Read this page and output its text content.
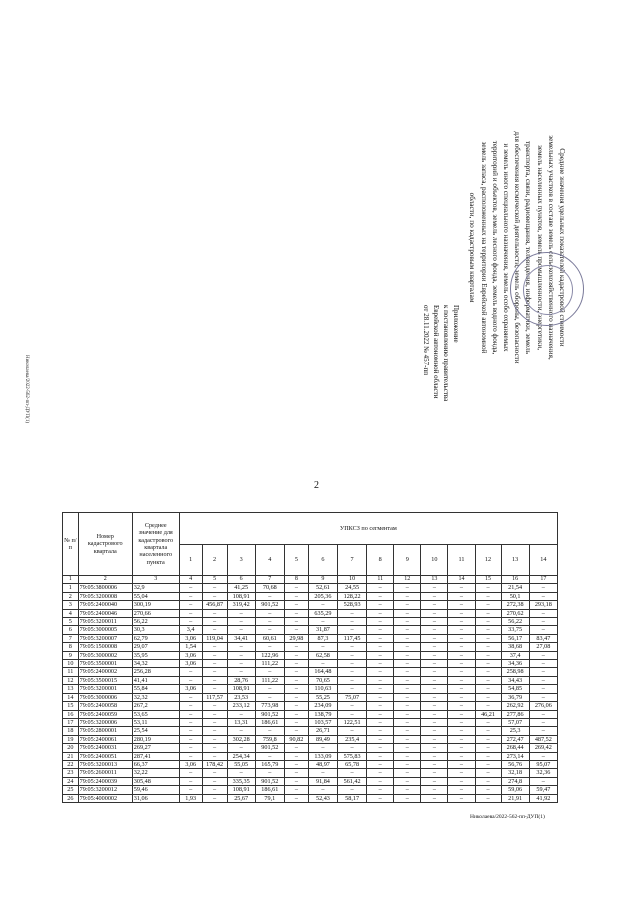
Николаева/2022-562-пп-ДУП(1)
Средние значения удельных показателей кадастровой стоимости
земельных участков в составе земель сельскохозяйственного назначения,
земель населенных пунктов, земель промышленности, энергетики,
транспорта, связи, радиовещания, телевидения, информатики, земель
для обеспечения космической деятельности, земель обороны, безопасности
и земель иного специального назначения, земель особо охраняемых
территорий и объектов, земель лесного фонда, земель водного фонда,
земель запаса, расположенных на территории Еврейской автономной
области, по кадастровым кварталам
Приложение
к постановлению правительства
Еврейской автономной области
от 28.11.2022 № 457-пп
2
№ п/п	Номер кадастрового квартала	Среднее значение для кадастрового квартала населенного пункта	УПКСЗ по сегментам													
			1	2	3	4	5	6	7	8	9	10	11	12	13	14
1	2	3	4	5	6	7	8	9	10	11	12	13	14	15	16	17
1	79:05:3800006	32,9	–	–	41,25	70,68	–	52,61	24,55	–	–	–	–	–	21,54	–
2	79:05:3200008	55,04	–	–	108,91	–	–	205,36	128,22	–	–	–	–	–	50,1	–
3	79:05:2400040	300,19	–	456,87	319,42	901,52	–	–	528,93	–	–	–	–	–	272,38	293,18
4	79:05:2400046	270,66	–	–	–	–	–	635,29	–	–	–	–	–	–	270,62	–
5	79:05:3200011	56,22	–	–	–	–	–	–	–	–	–	–	–	–	56,22	–
6	79:05:3000005	30,3	3,4	–	–	–	–	31,87	–	–	–	–	–	–	33,75	–
7	79:05:3200007	62,79	3,06	119,04	34,41	60,61	29,98	87,3	117,45	–	–	–	–	–	56,17	83,47
8	79:05:1500008	29,07	1,54	–	–	–	–	–	–	–	–	–	–	–	38,68	27,08
9	79:05:3000002	35,95	3,06	–	–	122,96	–	62,58	–	–	–	–	–	–	37,4	–
10	79:05:3500001	34,32	3,06	–	–	111,22	–	–	–	–	–	–	–	–	34,36	–
11	79:05:2400002	256,28	–	–	–	–	–	164,48	–	–	–	–	–	–	258,98	–
12	79:05:3500015	41,41	–	–	28,76	111,22	–	70,65	–	–	–	–	–	–	34,43	–
13	79:05:3200001	55,84	3,06	–	108,91	–	–	110,63	–	–	–	–	–	–	54,85	–
14	79:05:3000006	32,32	–	117,57	23,53	–	–	55,25	75,07	–	–	–	–	–	36,79	–
15	79:05:2400058	267,2	–	–	233,12	773,98	–	234,09	–	–	–	–	–	–	262,92	276,06
16	79:05:2400059	53,65	–	–	–	901,52	–	138,79	–	–	–	–	–	46,21	277,86	–
17	79:05:3200006	53,11	–	–	13,31	186,61	–	103,57	122,51	–	–	–	–	–	57,07	–
18	79:05:2800001	25,54	–	–	–	–	–	26,71	–	–	–	–	–	–	25,3	–
19	79:05:2400061	280,19	–	–	302,28	759,8	90,82	89,49	235,4	–	–	–	–	–	272,47	487,52
20	79:05:2400031	269,27	–	–	–	901,52	–	–	–	–	–	–	–	–	268,44	269,42
21	79:05:2400051	287,41	–	–	254,34	–	–	133,09	575,83	–	–	–	–	–	273,14	–
22	79:05:3200013	66,37	3,06	178,42	55,05	165,79	–	48,97	65,78	–	–	–	–	–	56,76	95,07
23	79:05:2600011	32,22	–	–	–	–	–	–	–	–	–	–	–	–	32,18	32,36
24	79:05:2400039	305,48	–	–	335,35	901,52	–	91,84	561,42	–	–	–	–	–	274,8	–
25	79:05:3200012	59,46	–	–	108,91	186,61	–	–	–	–	–	–	–	–	59,06	59,47
26	79:05:4000002	31,06	1,93	–	25,67	79,1	–	52,43	58,17	–	–	–	–	–	21,91	41,92
Николаева/2022-562-пп-ДУП(1)
